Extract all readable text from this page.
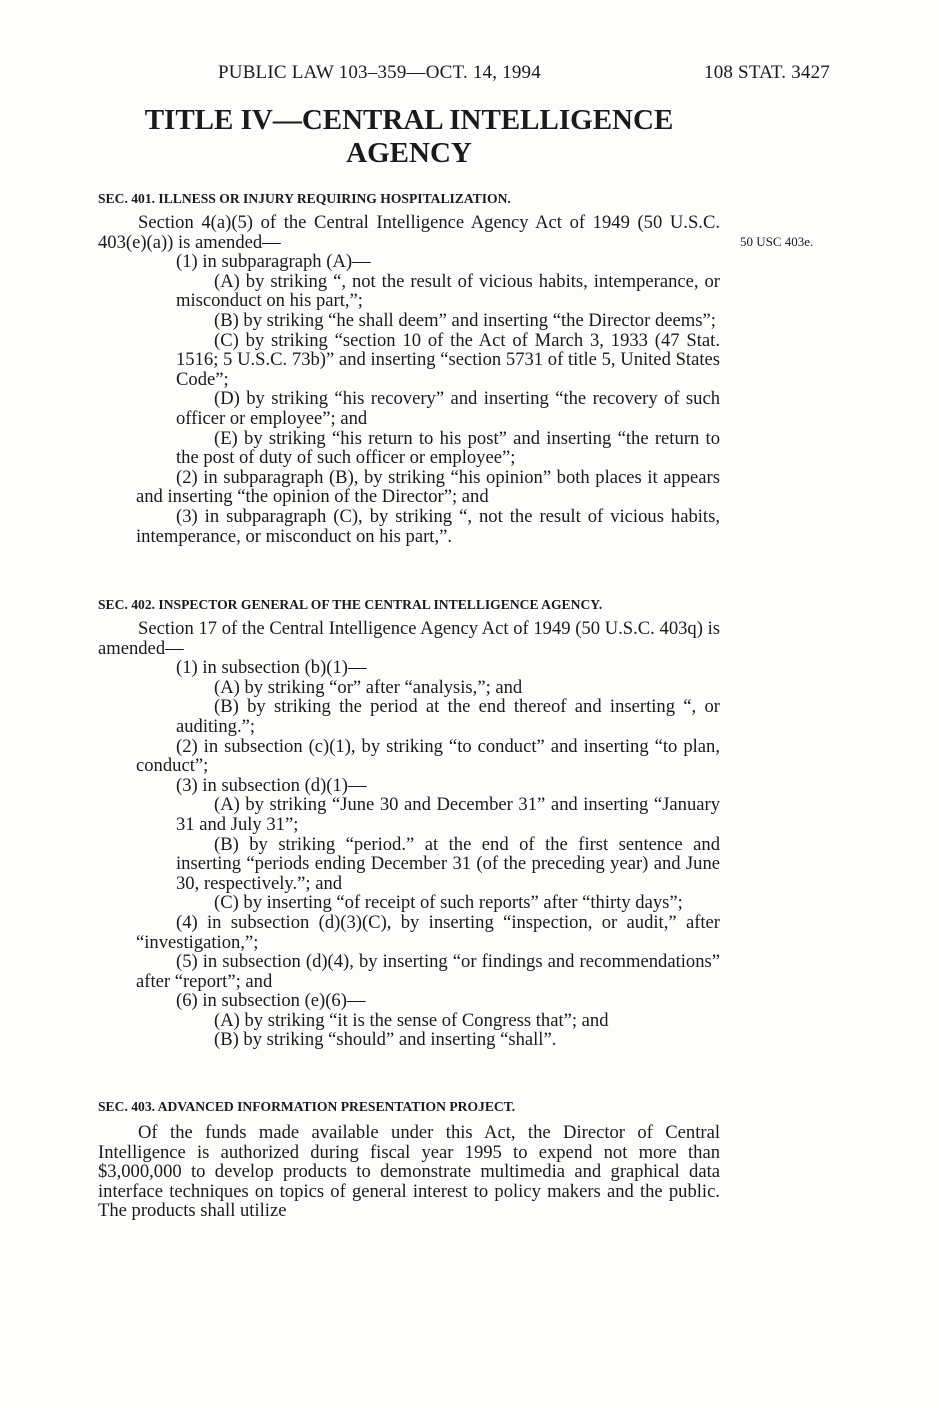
PUBLIC LAW 103–359—OCT. 14, 1994	108 STAT. 3427
TITLE IV—CENTRAL INTELLIGENCE
AGENCY
50 USC 403e.
SEC. 401. ILLNESS OR INJURY REQUIRING HOSPITALIZATION.
Section 4(a)(5) of the Central Intelligence Agency Act of 1949 (50 U.S.C. 403(e)(a)) is amended—
(1) in subparagraph (A)—
(A) by striking “, not the result of vicious habits, intemperance, or misconduct on his part,”;
(B) by striking “he shall deem” and inserting “the Director deems”;
(C) by striking “section 10 of the Act of March 3, 1933 (47 Stat. 1516; 5 U.S.C. 73b)” and inserting “section 5731 of title 5, United States Code”;
(D) by striking “his recovery” and inserting “the recovery of such officer or employee”; and
(E) by striking “his return to his post” and inserting “the return to the post of duty of such officer or employee”;
(2) in subparagraph (B), by striking “his opinion” both places it appears and inserting “the opinion of the Director”; and
(3) in subparagraph (C), by striking “, not the result of vicious habits, intemperance, or misconduct on his part,”.
SEC. 402. INSPECTOR GENERAL OF THE CENTRAL INTELLIGENCE AGENCY.
Section 17 of the Central Intelligence Agency Act of 1949 (50 U.S.C. 403q) is amended—
(1) in subsection (b)(1)—
(A) by striking “or” after “analysis,”; and
(B) by striking the period at the end thereof and inserting “, or auditing.”;
(2) in subsection (c)(1), by striking “to conduct” and inserting “to plan, conduct”;
(3) in subsection (d)(1)—
(A) by striking “June 30 and December 31” and inserting “January 31 and July 31”;
(B) by striking “period.” at the end of the first sentence and inserting “periods ending December 31 (of the preceding year) and June 30, respectively.”; and
(C) by inserting “of receipt of such reports” after “thirty days”;
(4) in subsection (d)(3)(C), by inserting “inspection, or audit,” after “investigation,”;
(5) in subsection (d)(4), by inserting “or findings and recommendations” after “report”; and
(6) in subsection (e)(6)—
(A) by striking “it is the sense of Congress that”; and
(B) by striking “should” and inserting “shall”.
SEC. 403. ADVANCED INFORMATION PRESENTATION PROJECT.
Of the funds made available under this Act, the Director of Central Intelligence is authorized during fiscal year 1995 to expend not more than $3,000,000 to develop products to demonstrate multimedia and graphical data interface techniques on topics of general interest to policy makers and the public. The products shall utilize
